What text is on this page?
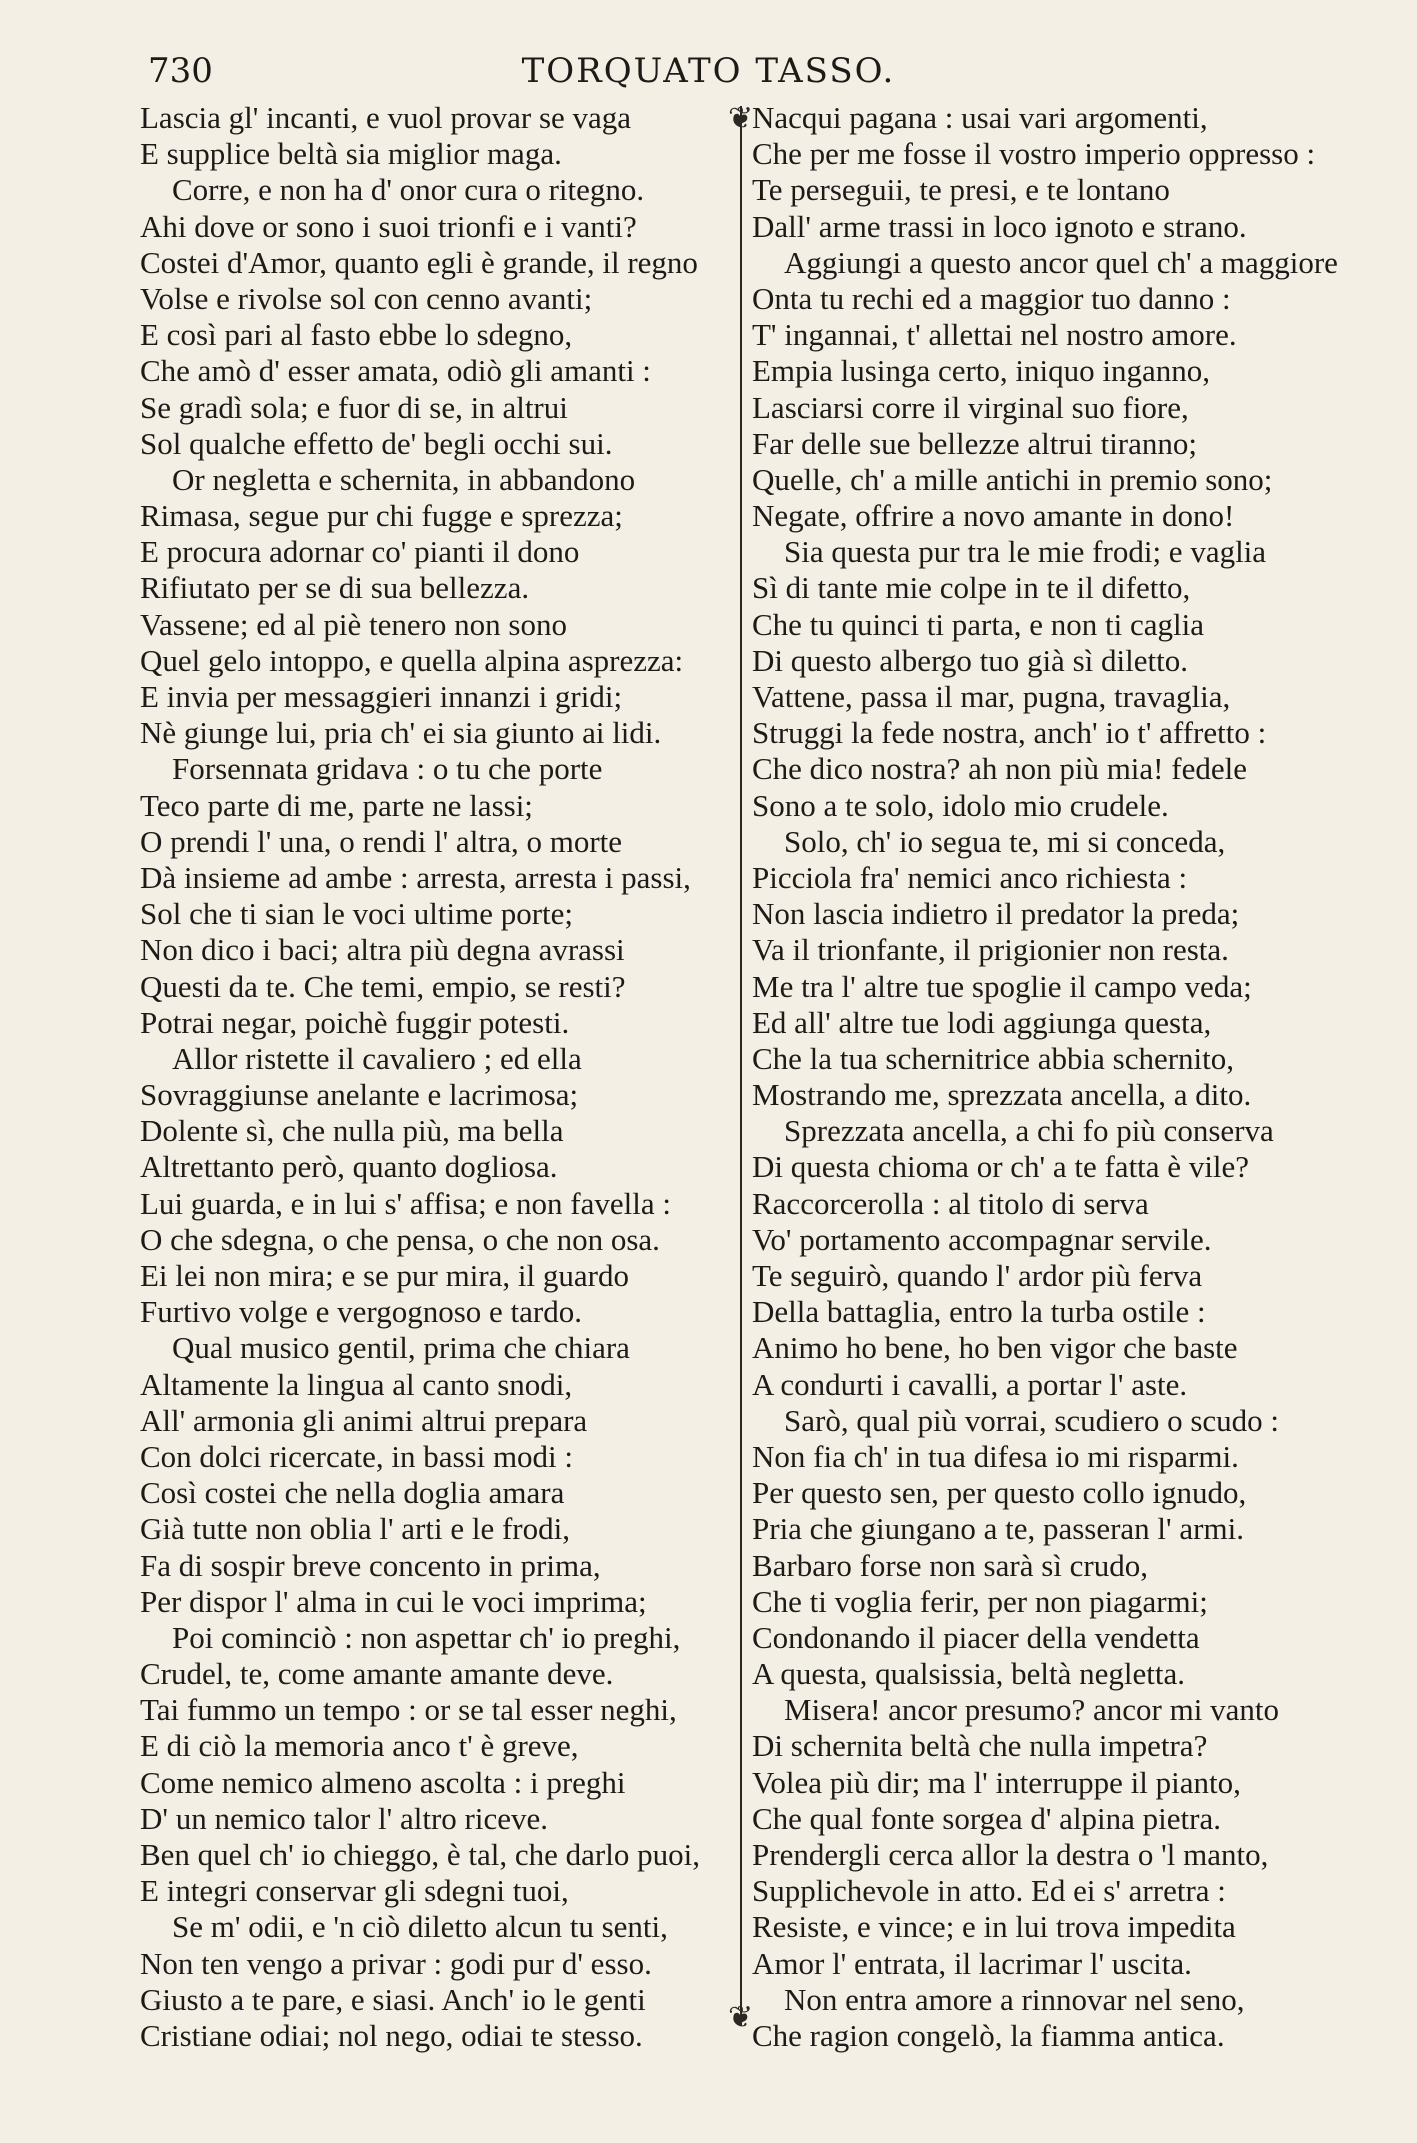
730	TORQUATO TASSO.
❦
❦
Lascia gl' incanti, e vuol provar se vaga
E supplice beltà sia miglior maga.
Corre, e non ha d' onor cura o ritegno.
Ahi dove or sono i suoi trionfi e i vanti?
Costei d'Amor, quanto egli è grande, il regno
Volse e rivolse sol con cenno avanti;
E così pari al fasto ebbe lo sdegno,
Che amò d' esser amata, odiò gli amanti :
Se gradì sola; e fuor di se, in altrui
Sol qualche effetto de' begli occhi sui.
Or negletta e schernita, in abbandono
Rimasa, segue pur chi fugge e sprezza;
E procura adornar co' pianti il dono
Rifiutato per se di sua bellezza.
Vassene; ed al piè tenero non sono
Quel gelo intoppo, e quella alpina asprezza:
E invia per messaggieri innanzi i gridi;
Nè giunge lui, pria ch' ei sia giunto ai lidi.
Forsennata gridava : o tu che porte
Teco parte di me, parte ne lassi;
O prendi l' una, o rendi l' altra, o morte
Dà insieme ad ambe : arresta, arresta i passi,
Sol che ti sian le voci ultime porte;
Non dico i baci; altra più degna avrassi
Questi da te. Che temi, empio, se resti?
Potrai negar, poichè fuggir potesti.
Allor ristette il cavaliero ; ed ella
Sovraggiunse anelante e lacrimosa;
Dolente sì, che nulla più, ma bella
Altrettanto però, quanto dogliosa.
Lui guarda, e in lui s' affisa; e non favella :
O che sdegna, o che pensa, o che non osa.
Ei lei non mira; e se pur mira, il guardo
Furtivo volge e vergognoso e tardo.
Qual musico gentil, prima che chiara
Altamente la lingua al canto snodi,
All' armonia gli animi altrui prepara
Con dolci ricercate, in bassi modi :
Così costei che nella doglia amara
Già tutte non oblia l' arti e le frodi,
Fa di sospir breve concento in prima,
Per dispor l' alma in cui le voci imprima;
Poi cominciò : non aspettar ch' io preghi,
Crudel, te, come amante amante deve.
Tai fummo un tempo : or se tal esser neghi,
E di ciò la memoria anco t' è greve,
Come nemico almeno ascolta : i preghi
D' un nemico talor l' altro riceve.
Ben quel ch' io chieggo, è tal, che darlo puoi,
E integri conservar gli sdegni tuoi,
Se m' odii, e 'n ciò diletto alcun tu senti,
Non ten vengo a privar : godi pur d' esso.
Giusto a te pare, e siasi. Anch' io le genti
Cristiane odiai; nol nego, odiai te stesso.
Nacqui pagana : usai vari argomenti,
Che per me fosse il vostro imperio oppresso :
Te perseguii, te presi, e te lontano
Dall' arme trassi in loco ignoto e strano.
Aggiungi a questo ancor quel ch' a maggiore
Onta tu rechi ed a maggior tuo danno :
T' ingannai, t' allettai nel nostro amore.
Empia lusinga certo, iniquo inganno,
Lasciarsi corre il virginal suo fiore,
Far delle sue bellezze altrui tiranno;
Quelle, ch' a mille antichi in premio sono;
Negate, offrire a novo amante in dono!
Sia questa pur tra le mie frodi; e vaglia
Sì di tante mie colpe in te il difetto,
Che tu quinci ti parta, e non ti caglia
Di questo albergo tuo già sì diletto.
Vattene, passa il mar, pugna, travaglia,
Struggi la fede nostra, anch' io t' affretto :
Che dico nostra? ah non più mia! fedele
Sono a te solo, idolo mio crudele.
Solo, ch' io segua te, mi si conceda,
Picciola fra' nemici anco richiesta :
Non lascia indietro il predator la preda;
Va il trionfante, il prigionier non resta.
Me tra l' altre tue spoglie il campo veda;
Ed all' altre tue lodi aggiunga questa,
Che la tua schernitrice abbia schernito,
Mostrando me, sprezzata ancella, a dito.
Sprezzata ancella, a chi fo più conserva
Di questa chioma or ch' a te fatta è vile?
Raccorcerolla : al titolo di serva
Vo' portamento accompagnar servile.
Te seguirò, quando l' ardor più ferva
Della battaglia, entro la turba ostile :
Animo ho bene, ho ben vigor che baste
A condurti i cavalli, a portar l' aste.
Sarò, qual più vorrai, scudiero o scudo :
Non fia ch' in tua difesa io mi risparmi.
Per questo sen, per questo collo ignudo,
Pria che giungano a te, passeran l' armi.
Barbaro forse non sarà sì crudo,
Che ti voglia ferir, per non piagarmi;
Condonando il piacer della vendetta
A questa, qualsissia, beltà negletta.
Misera! ancor presumo? ancor mi vanto
Di schernita beltà che nulla impetra?
Volea più dir; ma l' interruppe il pianto,
Che qual fonte sorgea d' alpina pietra.
Prendergli cerca allor la destra o 'l manto,
Supplichevole in atto. Ed ei s' arretra :
Resiste, e vince; e in lui trova impedita
Amor l' entrata, il lacrimar l' uscita.
Non entra amore a rinnovar nel seno,
Che ragion congelò, la fiamma antica.
